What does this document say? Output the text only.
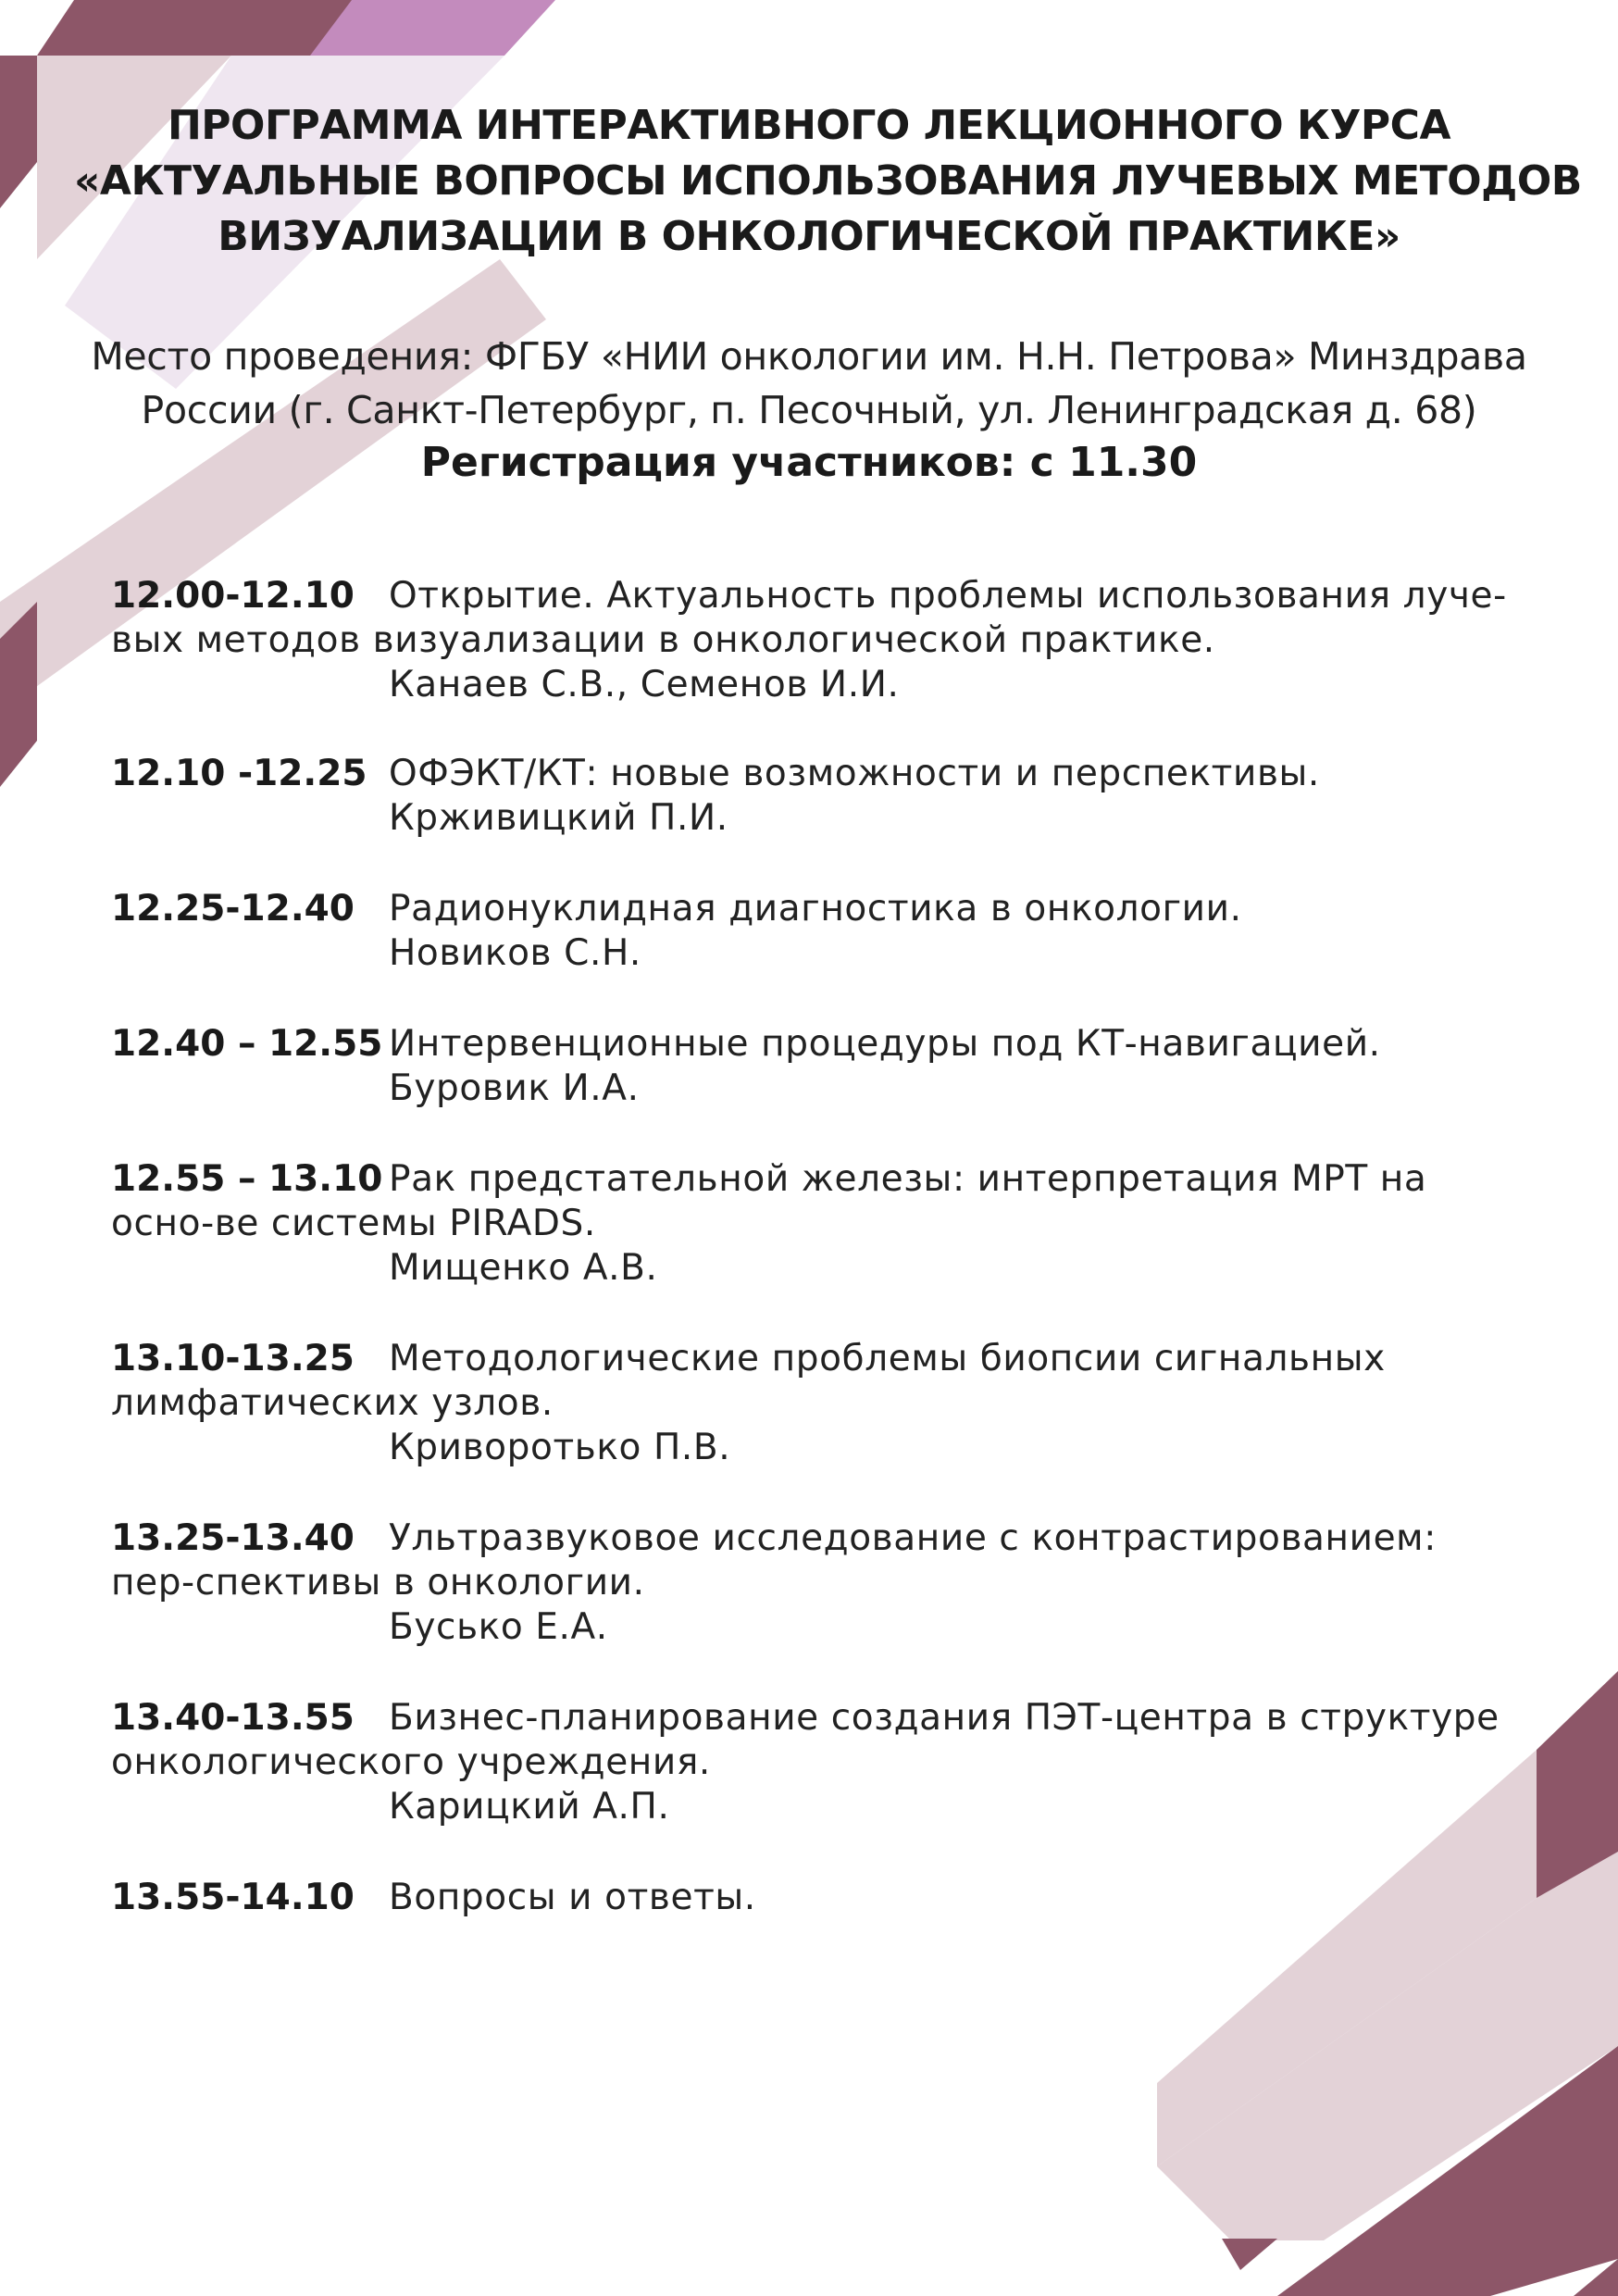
ПРОГРАММА ИНТЕРАКТИВНОГО ЛЕКЦИОННОГО КУРСА
«АКТУАЛЬНЫЕ ВОПРОСЫ ИСПОЛЬЗОВАНИЯ ЛУЧЕВЫХ МЕТОДОВ
ВИЗУАЛИЗАЦИИ В ОНКОЛОГИЧЕСКОЙ ПРАКТИКЕ»
Место проведения: ФГБУ «НИИ онкологии им. Н.Н. Петрова» Минздрава
России (г. Санкт-Петербург, п. Песочный, ул. Ленинградская д. 68)
Регистрация участников: с 11.30
12.00-12.10 Открытие. Актуальность проблемы использования луче-вых методов визуализации в онкологической практике.
Канаев С.В., Семенов И.И.
12.10 -12.25 ОФЭКТ/КТ: новые возможности и перспективы.
Крживицкий П.И.
12.25-12.40 Радионуклидная диагностика в онкологии.
Новиков С.Н.
12.40 – 12.55 Интервенционные процедуры под КТ-навигацией.
Буровик И.А.
12.55 – 13.10 Рак предстательной железы: интерпретация МРТ на осно-ве системы PIRADS.
Мищенко А.В.
13.10-13.25 Методологические проблемы биопсии сигнальных лимфатических узлов.
Криворотько П.В.
13.25-13.40 Ультразвуковое исследование с контрастированием: пер-спективы в онкологии.
Бусько Е.А.
13.40-13.55 Бизнес-планирование создания ПЭТ-центра в структуре онкологического учреждения.
Карицкий А.П.
13.55-14.10 Вопросы и ответы.
